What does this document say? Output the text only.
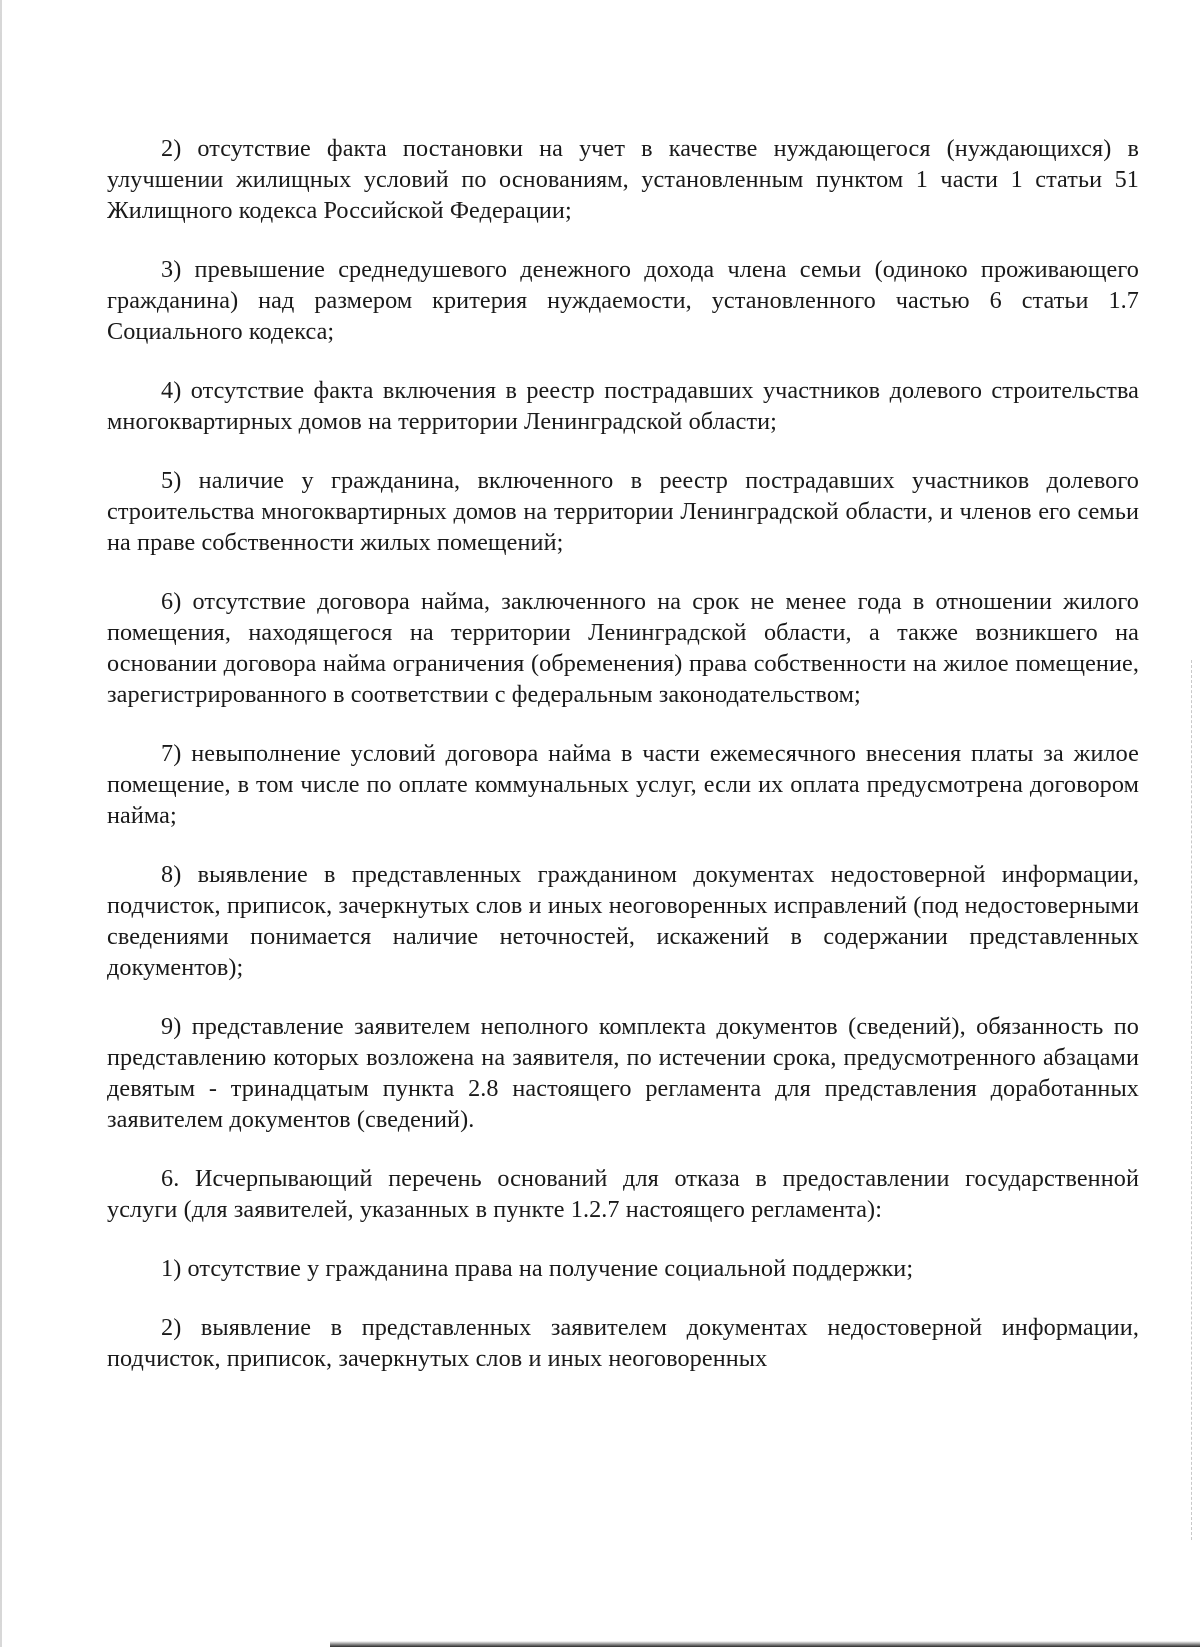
2) отсутствие факта постановки на учет в качестве нуждающегося (нуждающихся) в улучшении жилищных условий по основаниям, установленным пунктом 1 части 1 статьи 51 Жилищного кодекса Российской Федерации;

3) превышение среднедушевого денежного дохода члена семьи (одиноко проживающего гражданина) над размером критерия нуждаемости, установленного частью 6 статьи 1.7 Социального кодекса;

4) отсутствие факта включения в реестр пострадавших участников долевого строительства многоквартирных домов на территории Ленинградской области;

5) наличие у гражданина, включенного в реестр пострадавших участников долевого строительства многоквартирных домов на территории Ленинградской области, и членов его семьи на праве собственности жилых помещений;

6) отсутствие договора найма, заключенного на срок не менее года в отношении жилого помещения, находящегося на территории Ленинградской области, а также возникшего на основании договора найма ограничения (обременения) права собственности на жилое помещение, зарегистрированного в соответствии с федеральным законодательством;

7) невыполнение условий договора найма в части ежемесячного внесения платы за жилое помещение, в том числе по оплате коммунальных услуг, если их оплата предусмотрена договором найма;

8) выявление в представленных гражданином документах недостоверной информации, подчисток, приписок, зачеркнутых слов и иных неоговоренных исправлений (под недостоверными сведениями понимается наличие неточностей, искажений в содержании представленных документов);

9) представление заявителем неполного комплекта документов (сведений), обязанность по представлению которых возложена на заявителя, по истечении срока, предусмотренного абзацами девятым - тринадцатым пункта 2.8 настоящего регламента для представления доработанных заявителем документов (сведений).

6. Исчерпывающий перечень оснований для отказа в предоставлении государственной услуги (для заявителей, указанных в пункте 1.2.7 настоящего регламента):

1) отсутствие у гражданина права на получение социальной поддержки;

2) выявление в представленных заявителем документах недостоверной информации, подчисток, приписок, зачеркнутых слов и иных неоговоренных
